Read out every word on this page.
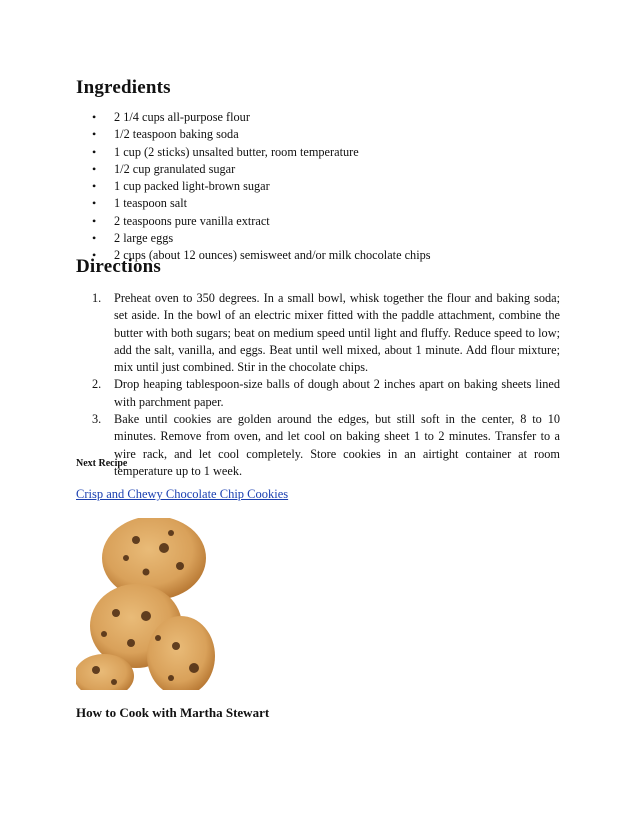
Ingredients
• 2 1/4 cups all-purpose flour
• 1/2 teaspoon baking soda
• 1 cup (2 sticks) unsalted butter, room temperature
• 1/2 cup granulated sugar
• 1 cup packed light-brown sugar
• 1 teaspoon salt
• 2 teaspoons pure vanilla extract
• 2 large eggs
• 2 cups (about 12 ounces) semisweet and/or milk chocolate chips
Directions
1. Preheat oven to 350 degrees. In a small bowl, whisk together the flour and baking soda; set aside. In the bowl of an electric mixer fitted with the paddle attachment, combine the butter with both sugars; beat on medium speed until light and fluffy. Reduce speed to low; add the salt, vanilla, and eggs. Beat until well mixed, about 1 minute. Add flour mixture; mix until just combined. Stir in the chocolate chips.
2. Drop heaping tablespoon-size balls of dough about 2 inches apart on baking sheets lined with parchment paper.
3. Bake until cookies are golden around the edges, but still soft in the center, 8 to 10 minutes. Remove from oven, and let cool on baking sheet 1 to 2 minutes. Transfer to a wire rack, and let cool completely. Store cookies in an airtight container at room temperature up to 1 week.
Next Recipe
Crisp and Chewy Chocolate Chip Cookies
How to Cook with Martha Stewart
